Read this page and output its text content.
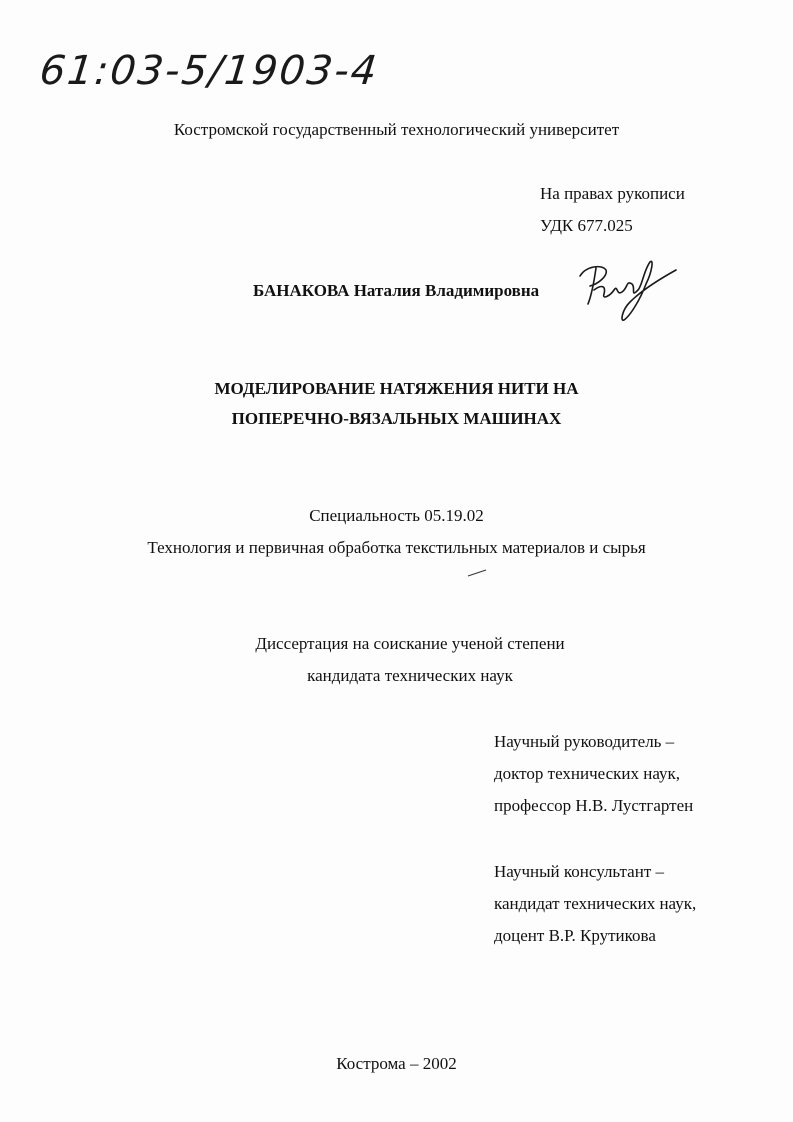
61:03-5/1903-4
Костромской государственный технологический университет
На правах рукописи
УДК 677.025
БАНАКОВА Наталия Владимировна
МОДЕЛИРОВАНИЕ НАТЯЖЕНИЯ НИТИ НА
ПОПЕРЕЧНО-ВЯЗАЛЬНЫХ МАШИНАХ
Специальность 05.19.02
Технология и первичная обработка текстильных материалов и сырья
Диссертация на соискание ученой степени
кандидата технических наук
Научный руководитель –
доктор технических наук,
профессор Н.В. Лустгартен
Научный консультант –
кандидат технических наук,
доцент В.Р. Крутикова
Кострома – 2002
